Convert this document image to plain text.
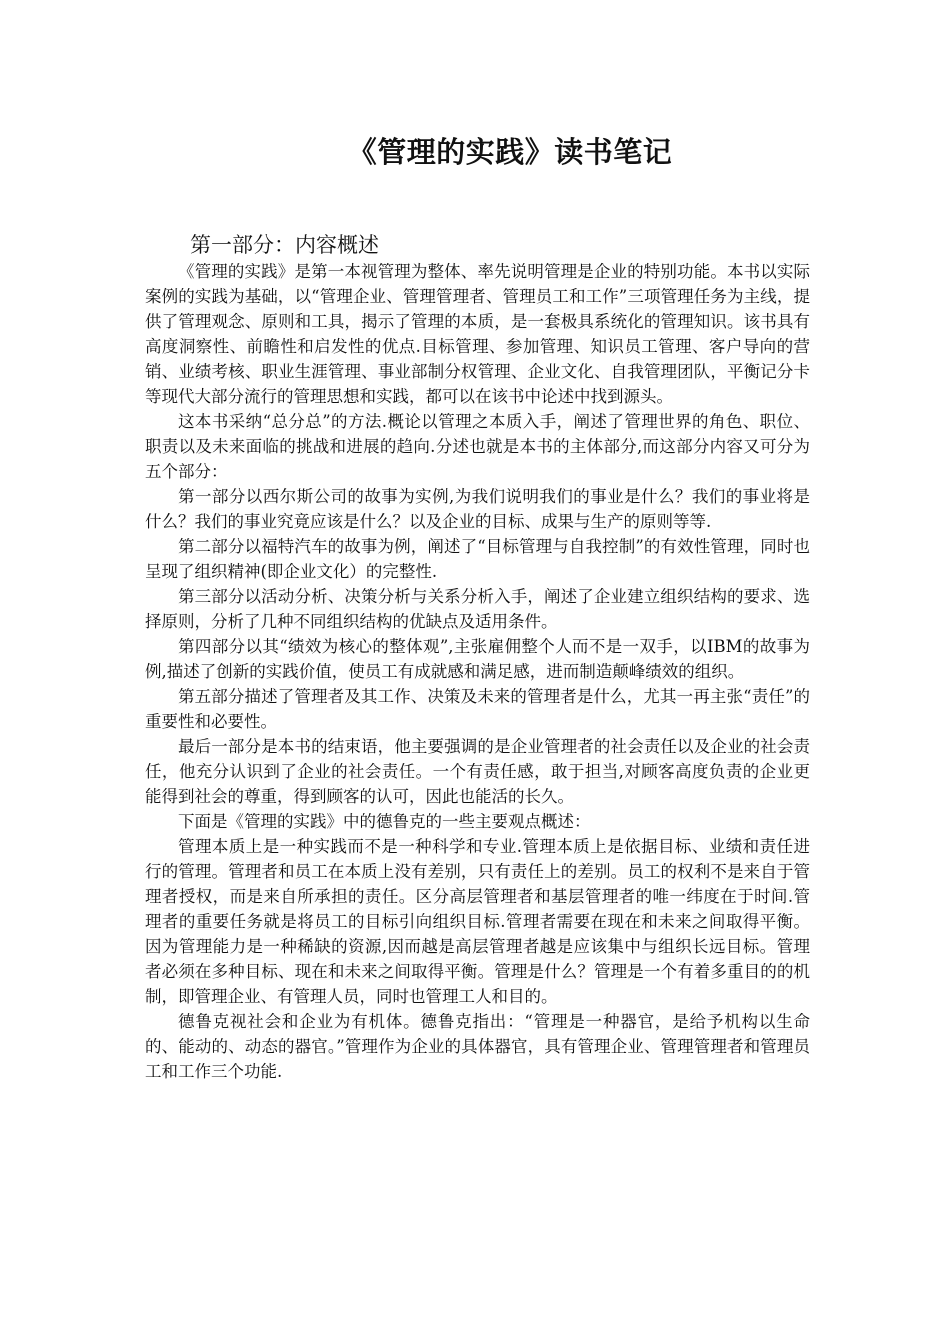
《管理的实践》读书笔记
第一部分：内容概述

《管理的实践》是第一本视管理为整体、率先说明管理是企业的特别功能。本书以实际案例的实践为基础，以“管理企业、管理管理者、管理员工和工作”三项管理任务为主线，提供了管理观念、原则和工具，揭示了管理的本质，是一套极具系统化的管理知识。该书具有高度洞察性、前瞻性和启发性的优点.目标管理、参加管理、知识员工管理、客户导向的营销、业绩考核、职业生涯管理、事业部制分权管理、企业文化、自我管理团队，平衡记分卡等现代大部分流行的管理思想和实践，都可以在该书中论述中找到源头。

这本书采纳“总分总”的方法.概论以管理之本质入手，阐述了管理世界的角色、职位、职责以及未来面临的挑战和进展的趋向.分述也就是本书的主体部分,而这部分内容又可分为五个部分：

第一部分以西尔斯公司的故事为实例,为我们说明我们的事业是什么？我们的事业将是什么？我们的事业究竟应该是什么？以及企业的目标、成果与生产的原则等等.

第二部分以福特汽车的故事为例，阐述了“目标管理与自我控制”的有效性管理，同时也呈现了组织精神(即企业文化）的完整性.

第三部分以活动分析、决策分析与关系分析入手，阐述了企业建立组织结构的要求、选择原则，分析了几种不同组织结构的优缺点及适用条件。

第四部分以其“绩效为核心的整体观”,主张雇佣整个人而不是一双手，以IBM的故事为例,描述了创新的实践价值，使员工有成就感和满足感，进而制造颠峰绩效的组织。

第五部分描述了管理者及其工作、决策及未来的管理者是什么，尤其一再主张“责任”的重要性和必要性。

最后一部分是本书的结束语，他主要强调的是企业管理者的社会责任以及企业的社会责任，他充分认识到了企业的社会责任。一个有责任感，敢于担当,对顾客高度负责的企业更能得到社会的尊重，得到顾客的认可，因此也能活的长久。

下面是《管理的实践》中的德鲁克的一些主要观点概述：

管理本质上是一种实践而不是一种科学和专业.管理本质上是依据目标、业绩和责任进行的管理。管理者和员工在本质上没有差别，只有责任上的差别。员工的权利不是来自于管理者授权，而是来自所承担的责任。区分高层管理者和基层管理者的唯一纬度在于时间.管理者的重要任务就是将员工的目标引向组织目标.管理者需要在现在和未来之间取得平衡。因为管理能力是一种稀缺的资源,因而越是高层管理者越是应该集中与组织长远目标。管理者必须在多种目标、现在和未来之间取得平衡。管理是什么？管理是一个有着多重目的的机制，即管理企业、有管理人员，同时也管理工人和目的。

德鲁克视社会和企业为有机体。德鲁克指出：“管理是一种器官，是给予机构以生命的、能动的、动态的器官。”管理作为企业的具体器官，具有管理企业、管理管理者和管理员工和工作三个功能.
